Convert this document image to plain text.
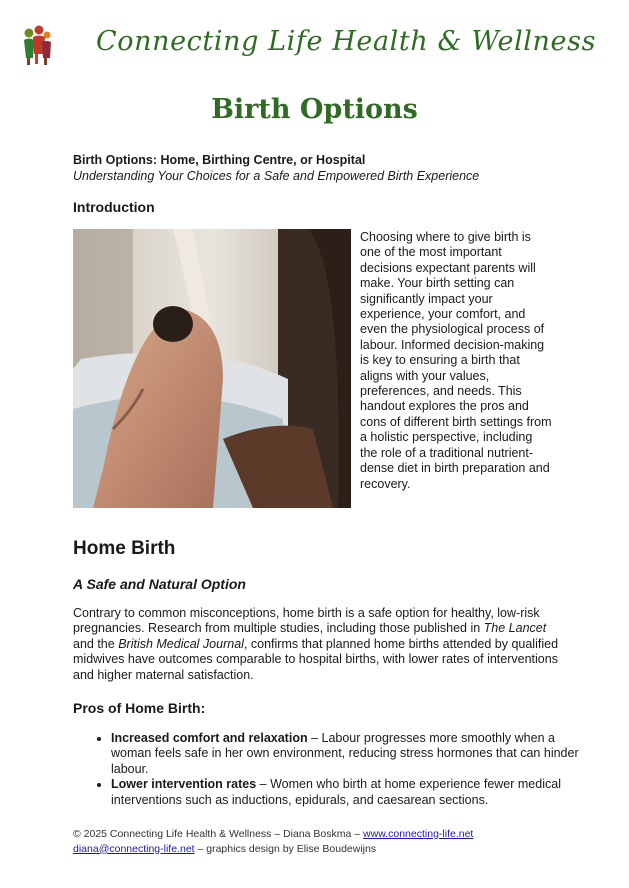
Connecting Life Health & Wellness
Birth Options
Birth Options: Home, Birthing Centre, or Hospital
Understanding Your Choices for a Safe and Empowered Birth Experience
Introduction
Choosing where to give birth is one of the most important decisions expectant parents will make. Your birth setting can significantly impact your experience, your comfort, and even the physiological process of labour. Informed decision-making is key to ensuring a birth that aligns with your values, preferences, and needs. This handout explores the pros and cons of different birth settings from a holistic perspective, including the role of a traditional nutrient-dense diet in birth preparation and recovery.
Home Birth
A Safe and Natural Option
Contrary to common misconceptions, home birth is a safe option for healthy, low-risk pregnancies. Research from multiple studies, including those published in The Lancet and the British Medical Journal, confirms that planned home births attended by qualified midwives have outcomes comparable to hospital births, with lower rates of interventions and higher maternal satisfaction.
Pros of Home Birth:
• Increased comfort and relaxation – Labour progresses more smoothly when a woman feels safe in her own environment, reducing stress hormones that can hinder labour.
• Lower intervention rates – Women who birth at home experience fewer medical interventions such as inductions, epidurals, and caesarean sections.
© 2025 Connecting Life Health & Wellness – Diana Boskma – www.connecting-life.net
diana@connecting-life.net – graphics design by Elise Boudewijns
